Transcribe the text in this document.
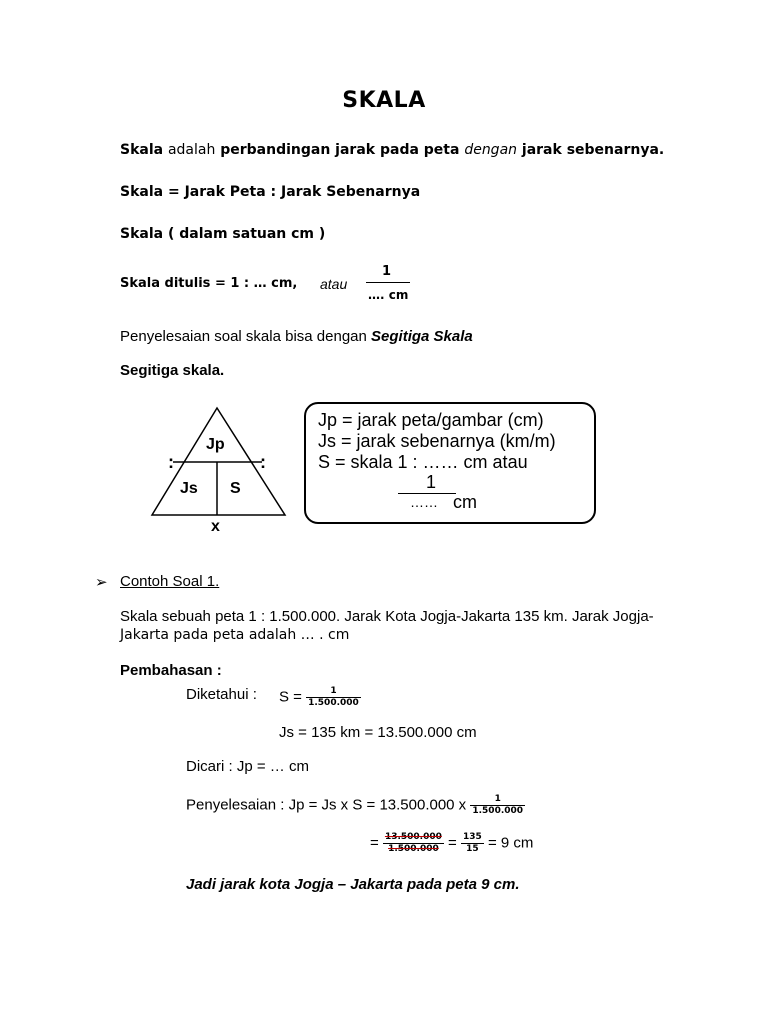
SKALA
Skala adalah perbandingan jarak pada peta dengan jarak sebenarnya.
Skala = Jarak Peta : Jarak Sebenarnya
Skala ( dalam satuan cm )
Skala ditulis = 1 : … cm, atau
1
…. cm
Penyelesaian soal skala bisa dengan Segitiga Skala
Segitiga skala.
Jp
Js S
:	:
x
Jp = jarak peta/gambar (cm)
Js = jarak sebenarnya (km/m)
S = skala 1 : …… cm atau
1
…… cm
➢ Contoh Soal 1.
Skala sebuah peta 1 : 1.500.000. Jarak Kota Jogja-Jakarta 135 km. Jarak Jogja-
Jakarta pada peta adalah … . cm
Pembahasan :
Diketahui : $S = \frac{1}{1.500.000}$
Js = 135 km = 13.500.000 cm
Dicari : Jp = … cm
Penyelesaian : Jp = Js x S = 13.500.000 x $\frac{1}{1.500.000}$
= $\frac{13.500.000}{1.500.000} = \frac{135}{15} = 9$ cm
Jadi jarak kota Jogja – Jakarta pada peta 9 cm.
